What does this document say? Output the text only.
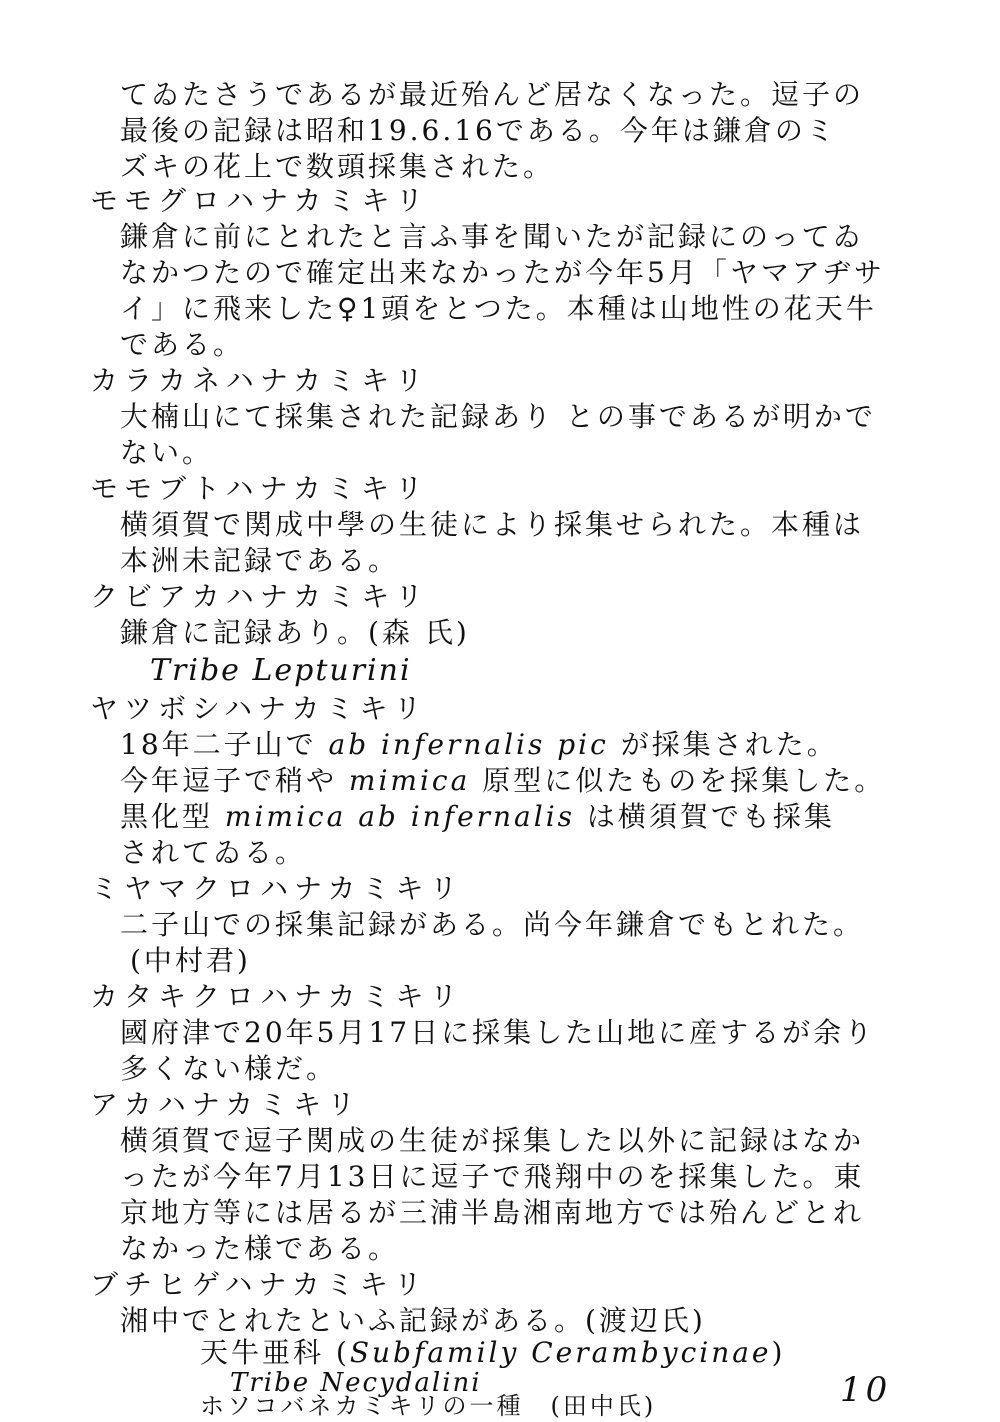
てゐたさうであるが最近殆んど居なくなった。逗子の
最後の記録は昭和19.6.16である。今年は鎌倉のミ
ズキの花上で数頭採集された。
モモグロハナカミキリ
鎌倉に前にとれたと言ふ事を聞いたが記録にのってゐ
なかつたので確定出来なかったが今年5月「ヤマアヂサ
イ」に飛来した♀1頭をとつた。本種は山地性の花天牛
である。
カラカネハナカミキリ
大楠山にて採集された記録あり との事であるが明かで
ない。
モモブトハナカミキリ
横須賀で関成中學の生徒により採集せられた。本種は
本洲未記録である。
クビアカハナカミキリ
鎌倉に記録あり。(森 氏)
Tribe Lepturini
ヤツボシハナカミキリ
18年二子山で ab infernalis pic が採集された。
今年逗子で稍や mimica 原型に似たものを採集した。
黒化型 mimica ab infernalis は横須賀でも採集
されてゐる。
ミヤマクロハナカミキリ
二子山での採集記録がある。尚今年鎌倉でもとれた。
(中村君)
カタキクロハナカミキリ
國府津で20年5月17日に採集した山地に産するが余り
多くない様だ。
アカハナカミキリ
横須賀で逗子関成の生徒が採集した以外に記録はなか
ったが今年7月13日に逗子で飛翔中のを採集した。東
京地方等には居るが三浦半島湘南地方では殆んどとれ
なかった様である。
ブチヒゲハナカミキリ
湘中でとれたといふ記録がある。(渡辺氏)
天牛亜科 (Subfamily Cerambycinae)
Tribe Necydalini
ホソコバネカミキリの一種　(田中氏)	10
